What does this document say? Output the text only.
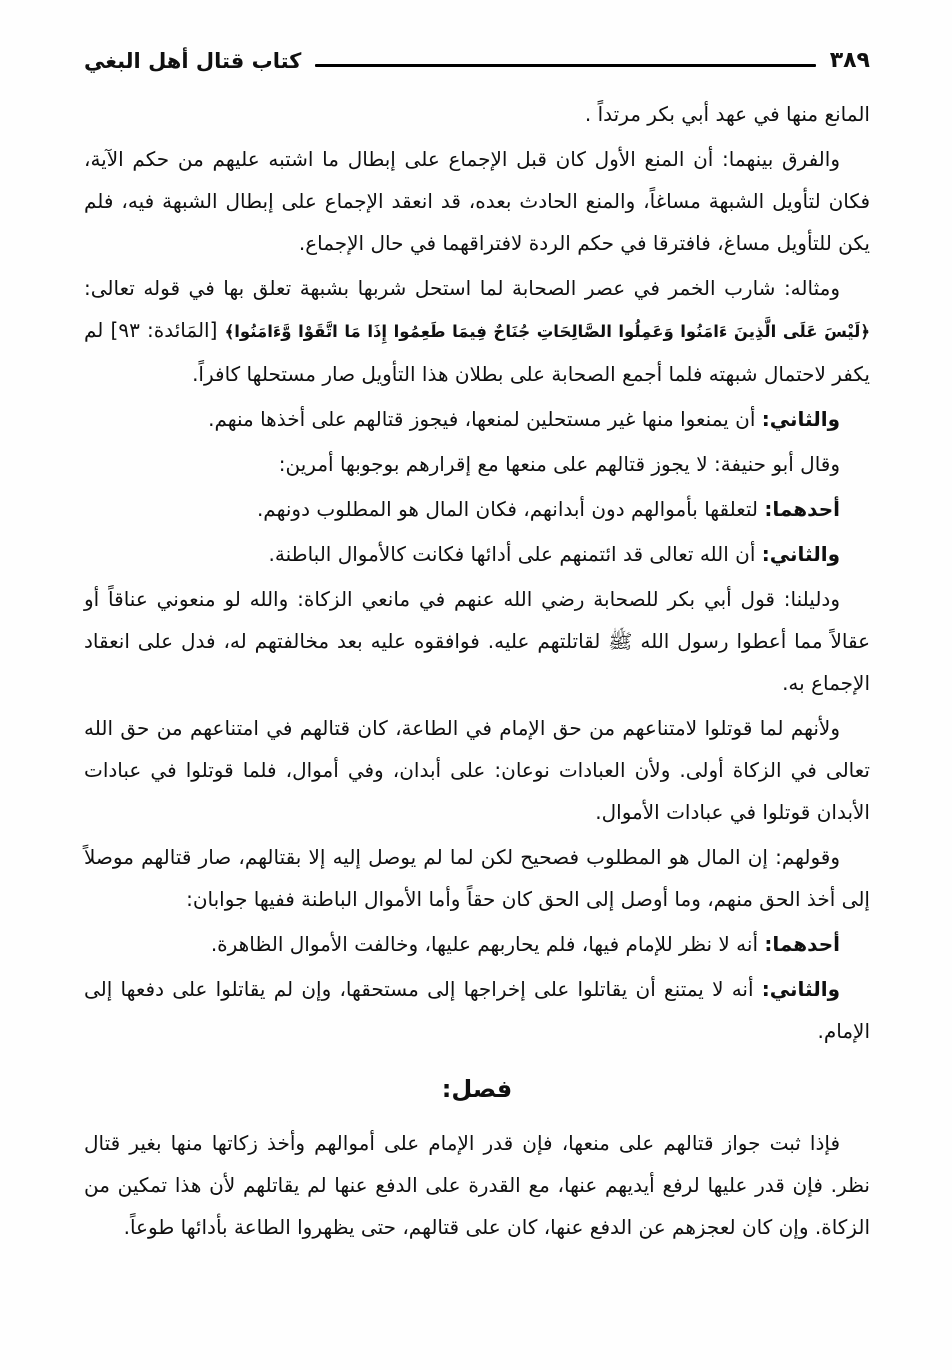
٣٨٩
كتاب قتال أهل البغي

المانع منها في عهد أبي بكر مرتداً .

والفرق بينهما: أن المنع الأول كان قبل الإجماع على إبطال ما اشتبه عليهم من حكم الآية، فكان لتأويل الشبهة مساغاً، والمنع الحادث بعده، قد انعقد الإجماع على إبطال الشبهة فيه، فلم يكن للتأويل مساغ، فافترقا في حكم الردة لافتراقهما في حال الإجماع.

ومثاله: شارب الخمر في عصر الصحابة لما استحل شربها بشبهة تعلق بها في قوله تعالى: ﴿لَيْسَ عَلَى الَّذِينَ ءَامَنُوا وَعَمِلُوا الصَّالِحَاتِ جُنَاحٌ فِيمَا طَعِمُوا إِذَا مَا اتَّقَوْا وَّءَامَنُوا﴾ [المَائدة: ٩٣] لم يكفر لاحتمال شبهته فلما أجمع الصحابة على بطلان هذا التأويل صار مستحلها كافراً.

والثاني: أن يمنعوا منها غير مستحلين لمنعها، فيجوز قتالهم على أخذها منهم.

وقال أبو حنيفة: لا يجوز قتالهم على منعها مع إقرارهم بوجوبها أمرين:

أحدهما: لتعلقها بأموالهم دون أبدانهم، فكان المال هو المطلوب دونهم.

والثاني: أن الله تعالى قد ائتمنهم على أدائها فكانت كالأموال الباطنة.

ودليلنا: قول أبي بكر للصحابة رضي الله عنهم في مانعي الزكاة: والله لو منعوني عناقاً أو عقالاً مما أعطوا رسول الله ﷺ لقاتلتهم عليه. فوافقوه عليه بعد مخالفتهم له، فدل على انعقاد الإجماع به.

ولأنهم لما قوتلوا لامتناعهم من حق الإمام في الطاعة، كان قتالهم في امتناعهم من حق الله تعالى في الزكاة أولى. ولأن العبادات نوعان: على أبدان، وفي أموال، فلما قوتلوا في عبادات الأبدان قوتلوا في عبادات الأموال.

وقولهم: إن المال هو المطلوب فصحيح لكن لما لم يوصل إليه إلا بقتالهم، صار قتالهم موصلاً إلى أخذ الحق منهم، وما أوصل إلى الحق كان حقاً وأما الأموال الباطنة ففيها جوابان:

أحدهما: أنه لا نظر للإمام فيها، فلم يحاربهم عليها، وخالفت الأموال الظاهرة.

والثاني: أنه لا يمتنع أن يقاتلوا على إخراجها إلى مستحقها، وإن لم يقاتلوا على دفعها إلى الإمام.

فصل:

فإذا ثبت جواز قتالهم على منعها، فإن قدر الإمام على أموالهم وأخذ زكاتها منها بغير قتال نظر. فإن قدر عليها لرفع أيديهم عنها، مع القدرة على الدفع عنها لم يقاتلهم لأن هذا تمكين من الزكاة. وإن كان لعجزهم عن الدفع عنها، كان على قتالهم، حتى يظهروا الطاعة بأدائها طوعاً.
